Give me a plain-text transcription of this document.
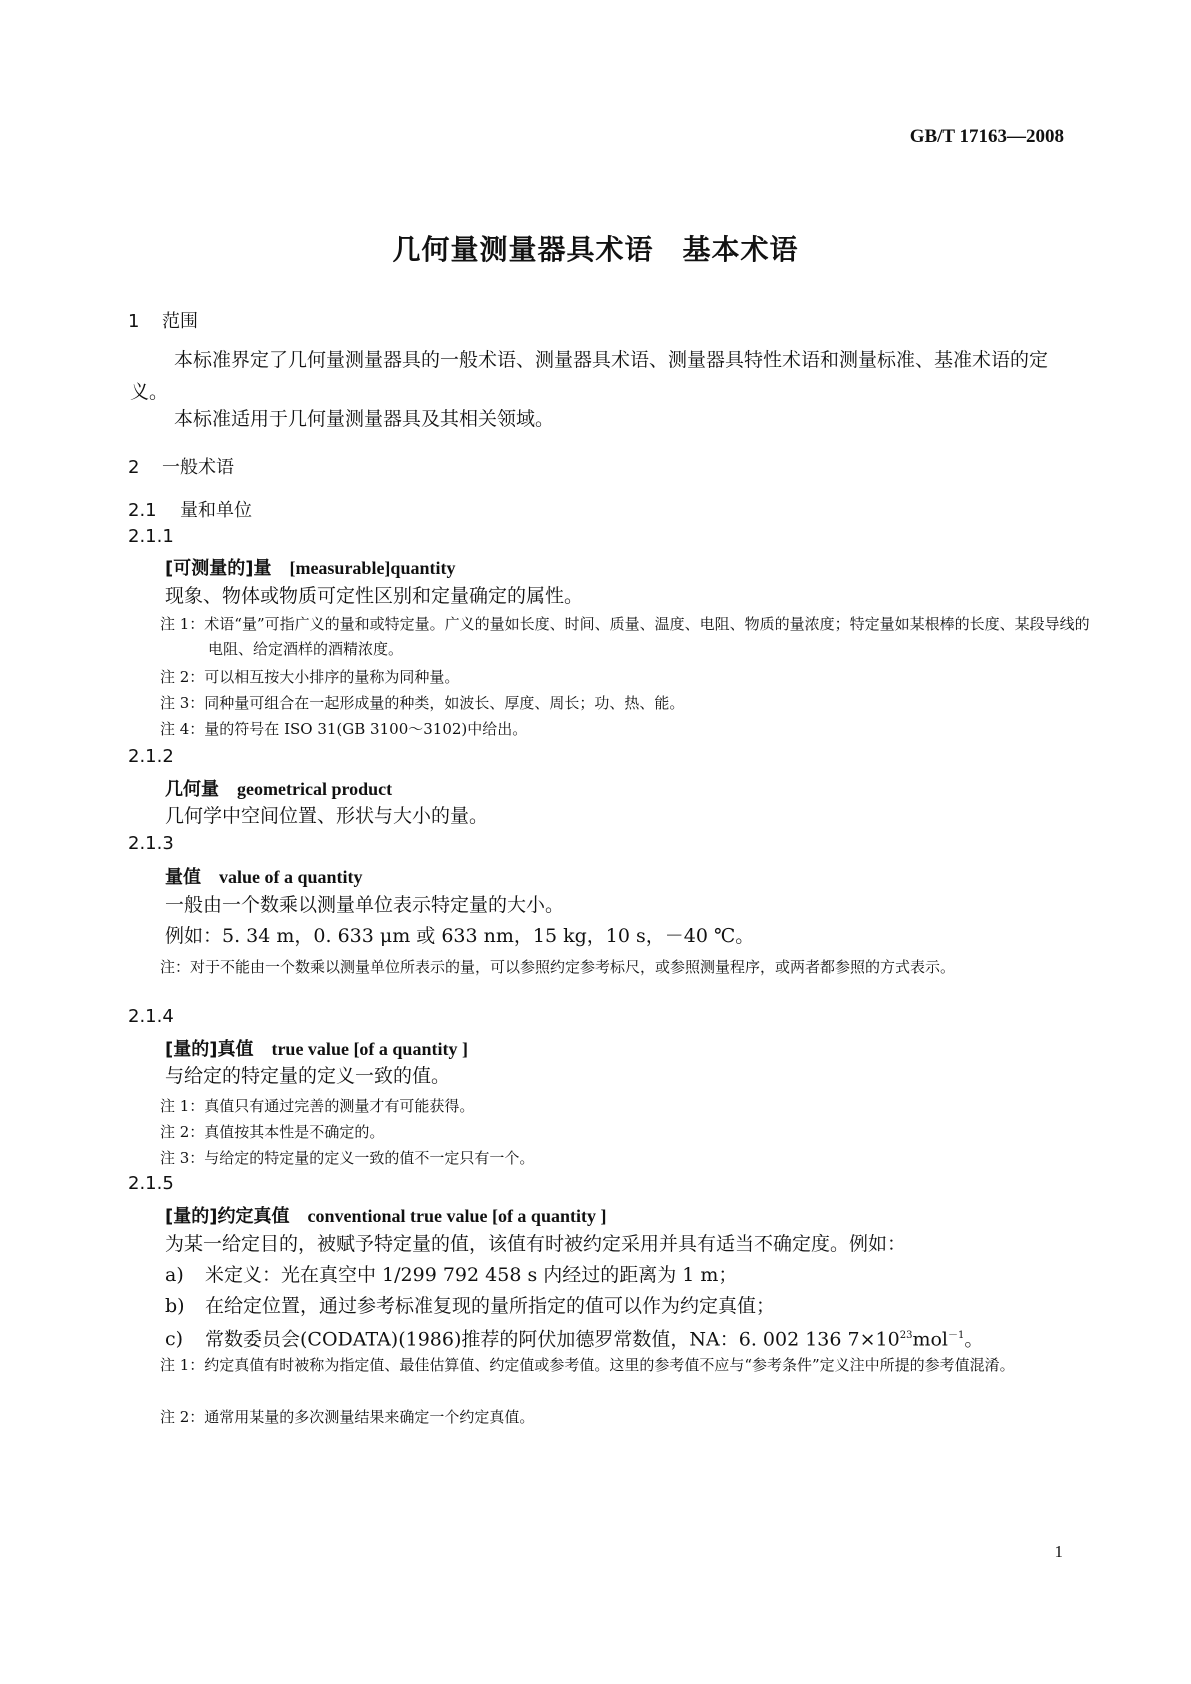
GB/T 17163—2008
几何量测量器具术语　基本术语
1 范围
本标准界定了几何量测量器具的一般术语、测量器具术语、测量器具特性术语和测量标准、基准术语的定义。
本标准适用于几何量测量器具及其相关领域。
2 一般术语
2.1 量和单位
2.1.1
[可测量的]量　 [measurable]quantity
现象、物体或物质可定性区别和定量确定的属性。
注 1：术语“量”可指广义的量和或特定量。广义的量如长度、时间、质量、温度、电阻、物质的量浓度；特定量如某根棒的长度、某段导线的电阻、给定酒样的酒精浓度。
注 2：可以相互按大小排序的量称为同种量。
注 3：同种量可组合在一起形成量的种类，如波长、厚度、周长；功、热、能。
注 4：量的符号在 ISO 31(GB 3100～3102)中给出。
2.1.2
几何量　 geometrical product
几何学中空间位置、形状与大小的量。
2.1.3
量值　 value of a quantity
一般由一个数乘以测量单位表示特定量的大小。
例如：5. 34 m，0. 633 μm 或 633 nm，15 kg，10 s，－40 ℃。
注：对于不能由一个数乘以测量单位所表示的量，可以参照约定参考标尺，或参照测量程序，或两者都参照的方式表示。
2.1.4
[量的]真值　 true value [of a quantity ]
与给定的特定量的定义一致的值。
注 1：真值只有通过完善的测量才有可能获得。
注 2：真值按其本性是不确定的。
注 3：与给定的特定量的定义一致的值不一定只有一个。
2.1.5
[量的]约定真值　 conventional true value [of a quantity ]
为某一给定目的，被赋予特定量的值，该值有时被约定采用并具有适当不确定度。例如：
a) 米定义：光在真空中 1/299 792 458 s 内经过的距离为 1 m；
b) 在给定位置，通过参考标准复现的量所指定的值可以作为约定真值；
c) 常数委员会(CODATA)(1986)推荐的阿伏加德罗常数值，NA：6. 002 136 $7\times 10^{23}mol^{-1}$。
注 1：约定真值有时被称为指定值、最佳估算值、约定值或参考值。这里的参考值不应与“参考条件”定义注中所提的参考值混淆。
注 2：通常用某量的多次测量结果来确定一个约定真值。
1
